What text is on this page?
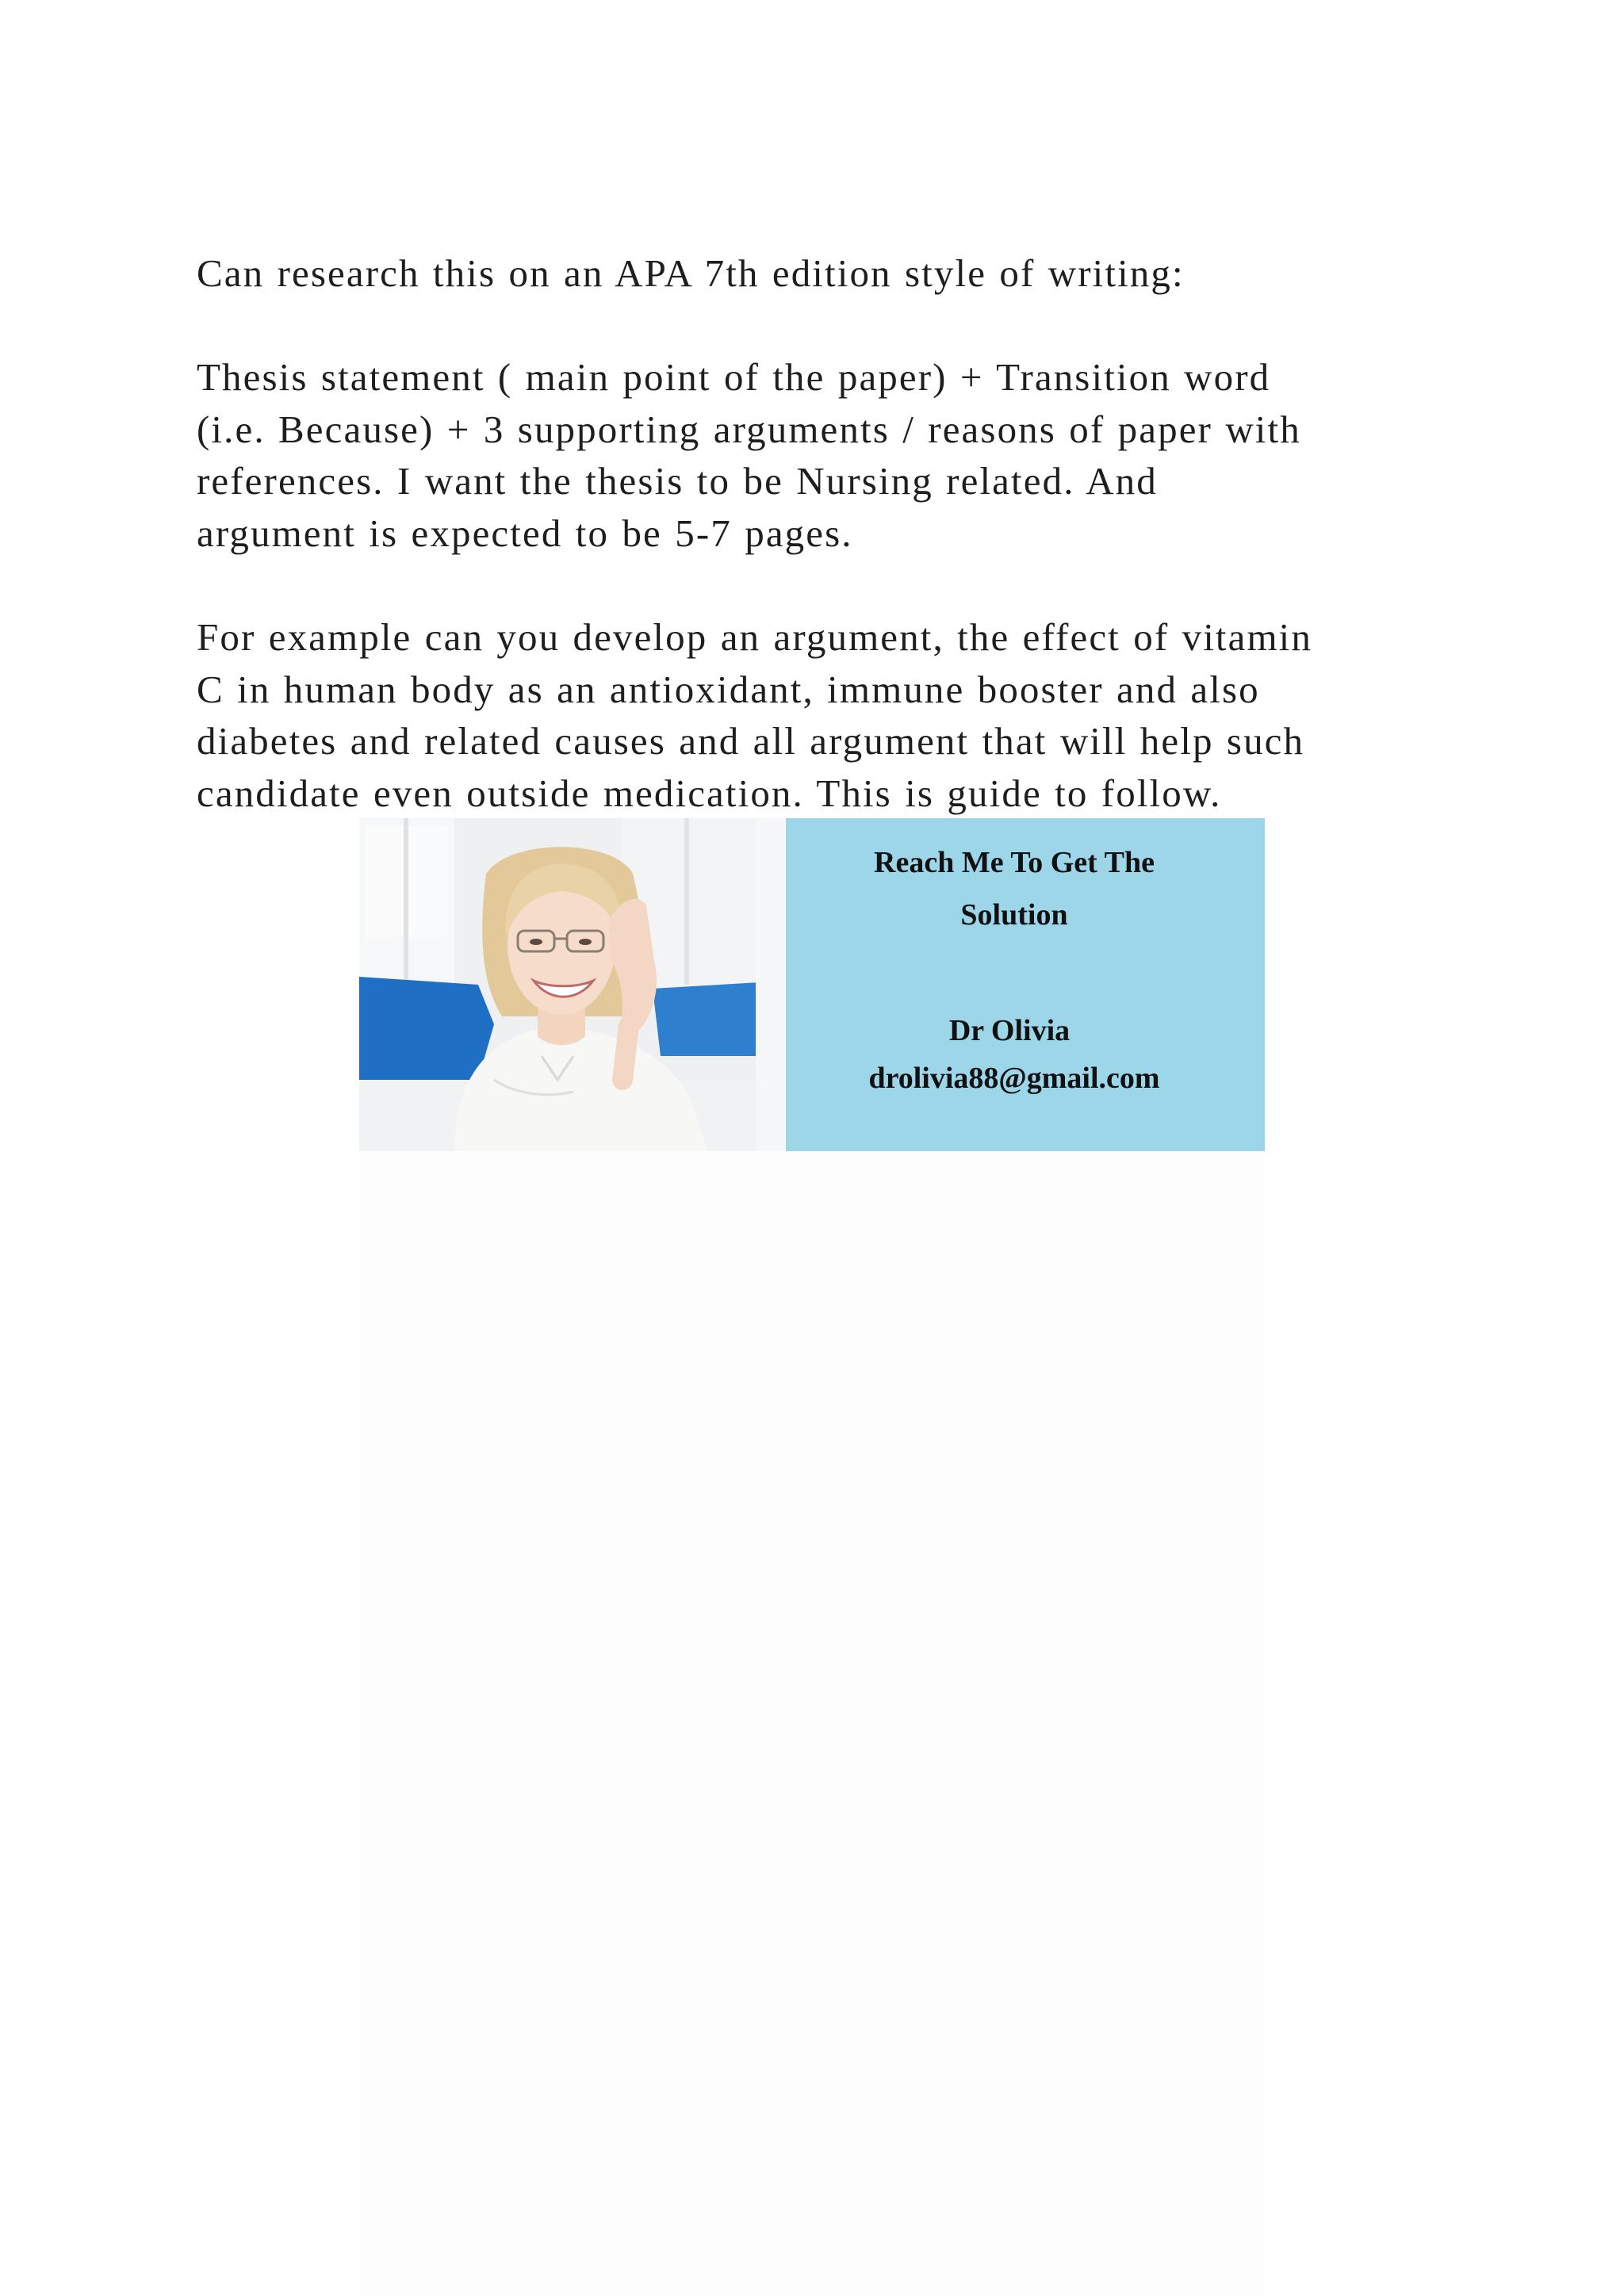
Can research this on an APA 7th edition style of writing:
Thesis statement ( main point of the paper) + Transition word
(i.e. Because) + 3 supporting arguments / reasons of paper with
references. I want the thesis to be Nursing related. And
argument is expected to be 5-7 pages.
For example can you develop an argument, the effect of vitamin
C in human body as an antioxidant, immune booster and also
diabetes and related causes and all argument that will help such
candidate even outside medication. This is guide to follow.
Reach Me To Get The
Solution
Dr Olivia
drolivia88@gmail.com
